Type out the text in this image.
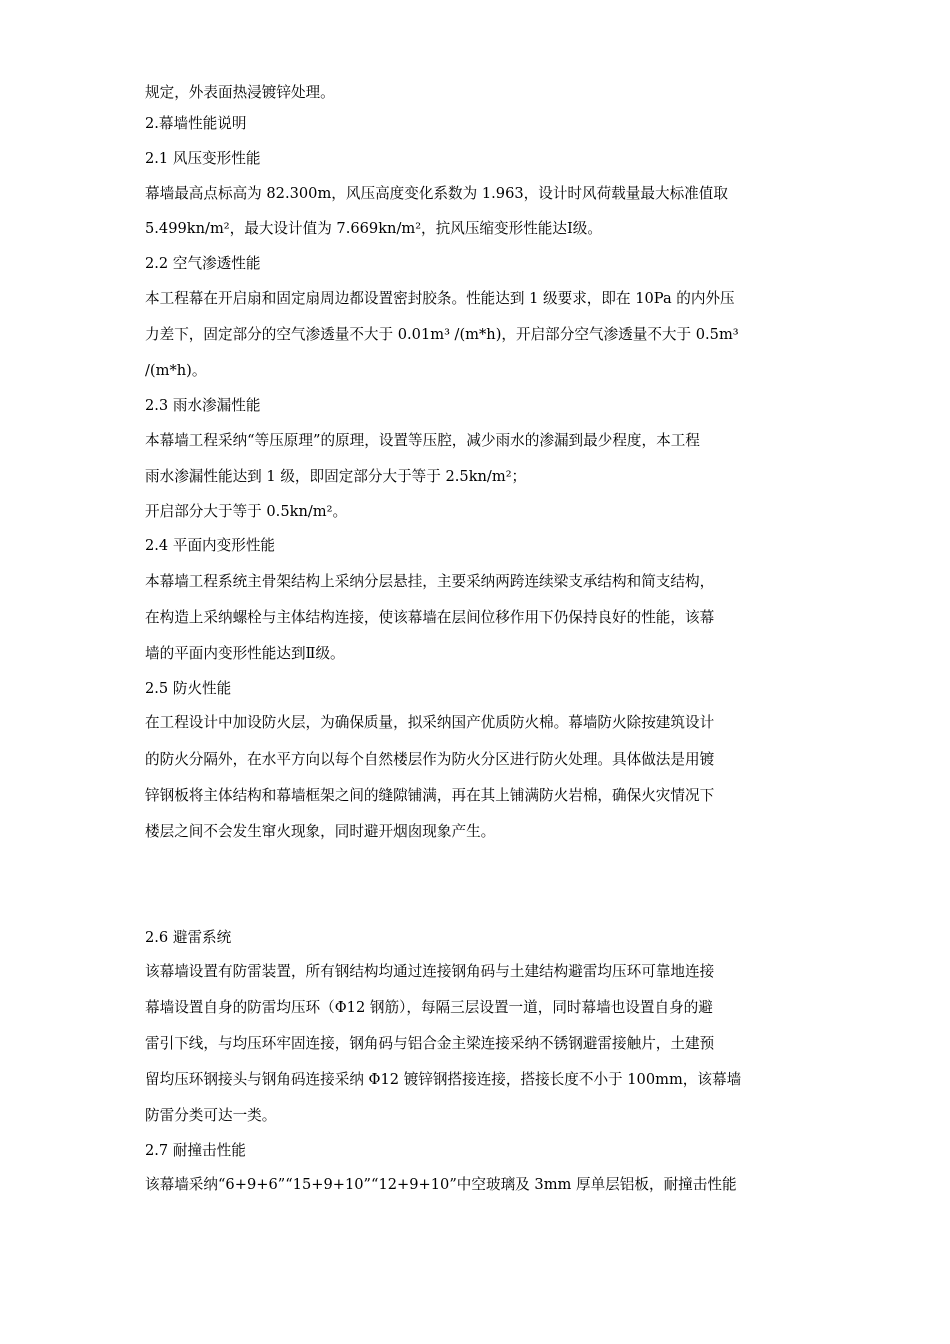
规定，外表面热浸镀锌处理。
2.幕墙性能说明
2.1 风压变形性能
幕墙最高点标高为 82.300m，风压高度变化系数为 1.963，设计时风荷载量最大标准值取
5.499kn/m²，最大设计值为 7.669kn/m²，抗风压缩变形性能达Ⅰ级。
2.2 空气渗透性能
本工程幕在开启扇和固定扇周边都设置密封胶条。性能达到 1 级要求，即在 10Pa 的内外压
力差下，固定部分的空气渗透量不大于 0.01m³ /(m*h)，开启部分空气渗透量不大于 0.5m³
/(m*h)。
2.3 雨水渗漏性能
本幕墙工程采纳“等压原理”的原理，设置等压腔，减少雨水的渗漏到最少程度，本工程
雨水渗漏性能达到 1 级，即固定部分大于等于 2.5kn/m²；
开启部分大于等于 0.5kn/m²。
2.4 平面内变形性能
本幕墙工程系统主骨架结构上采纳分层悬挂，主要采纳两跨连续梁支承结构和简支结构，
在构造上采纳螺栓与主体结构连接，使该幕墙在层间位移作用下仍保持良好的性能，该幕
墙的平面内变形性能达到Ⅱ级。
2.5 防火性能
在工程设计中加设防火层，为确保质量，拟采纳国产优质防火棉。幕墙防火除按建筑设计
的防火分隔外，在水平方向以每个自然楼层作为防火分区进行防火处理。具体做法是用镀
锌钢板将主体结构和幕墙框架之间的缝隙铺满，再在其上铺满防火岩棉，确保火灾情况下
楼层之间不会发生窜火现象，同时避开烟囱现象产生。
2.6 避雷系统
该幕墙设置有防雷装置，所有钢结构均通过连接钢角码与土建结构避雷均压环可靠地连接
幕墙设置自身的防雷均压环（Φ12 钢筋），每隔三层设置一道，同时幕墙也设置自身的避
雷引下线，与均压环牢固连接，钢角码与铝合金主梁连接采纳不锈钢避雷接触片，土建预
留均压环钢接头与钢角码连接采纳 Φ12 镀锌钢搭接连接，搭接长度不小于 100mm，该幕墙
防雷分类可达一类。
2.7 耐撞击性能
该幕墙采纳“6+9+6”“15+9+10”“12+9+10”中空玻璃及 3mm 厚单层铝板，耐撞击性能
